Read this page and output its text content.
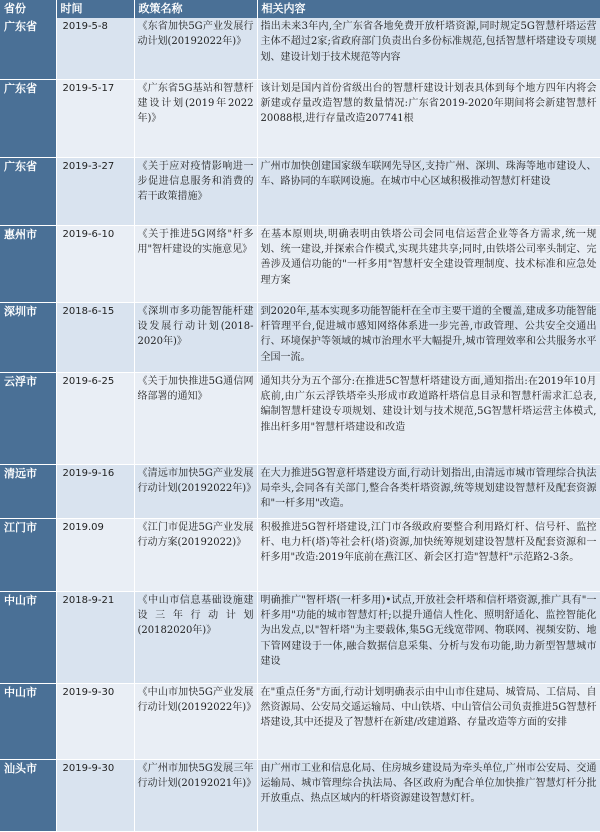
省份	时间	政策名称	相关内容
广东省	2019-5-8	《东省加快5G产业发展行动计划(20192022年)》	指出未来3年内,全广东省各地免费开放杆塔资源,同时规定5G智慧杆塔运营主体不超过2家;省政府部门负责出台多份标准规范,包括智慧杆塔建设专项规划、建设计划于技术规范等内容
广东省	2019-5-17	《广东省5G基站和智慧杆建设计划(2019年2022年)》	该计划是国内首份省级出台的智慧杆建设计划表具体到每个地方四年内将会新建或存量改造智慧的数量情况:广东省2019-2020年期间将会新建智慧杆20088根,进行存量改造207741根
广东省	2019-3-27	《关于应对疫情影响进一步促进信息服务和消费的若干政策措施》	广州市加快创建国家级车联网先导区,支持广州、深圳、珠海等地市建设人、车、路协同的车联网设施。在城市中心区域积极推动智慧灯杆建设
惠州市	2019-6-10	《关于推进5G网络"杆多用"智杆建设的实施意见》	在基本原则块,明确表明由铁塔公司会同电信运营企业等各方需求,统一规划、统一建设,并探索合作模式,实现共建共享;同时,由铁塔公司率头制定、完善涉及通信功能的"一杆多用"智慧杆安全建设管理制度、技术标准和应急处理方案
深圳市	2018-6-15	《深圳市多功能智能杆建设发展行动计划(2018-2020年)》	到2020年,基本实现多功能智能杆在全市主要干道的全覆盖,建成多功能智能杆管理平台,促进城市感知网络体系进一步完善,市政管理、公共安全交通出行、环境保护等领域的城市治理水平大幅提升,城市管理效率和公共服务水平全国一流。
云浮市	2019-6-25	《关于加快推进5G通信网络部署的通知》	通知共分为五个部分:在推进5C智慧杆塔建设方面,通知指出:在2019年10月底前,由广东云浮铁塔牵头形成市政道路杆塔信息目录和智慧杆需求汇总表,编制智慧杆建设专项规划、建设计划与技术规范,5G智慧杆塔运营主体模式,推出杆多用"智慧杆塔建设和改造
清远市	2019-9-16	《清远市加快5G产业发展行动计划(20192022年)》	在大力推进5G智意杆塔建设方面,行动计划指出,由清远市城市管理综合执法局牵头,会同各有关部门,整合各类杆塔资源,统等规划建设智慧杆及配套资源和"一杆多用"改造。
江门市	2019.09	《江门市促进5G产业发展行动方案(20192022)》	积极推进5G智杆塔建设,江门市各级政府要整合利用路灯杆、信号杆、监控杆、电力杆(塔)等社会杆(塔)资源,加快统筹规划建设智慧杆及配套资源和一杆多用"改造:2019年底前在燕江区、新会区打造"智慧杆"示范路2-3条。
中山市	2018-9-21	《中山市信息基础设施建设三年行动计划(20182020年)》	明确推广"智杆塔(一杆多用)•试点,开放社会杆塔和信杆塔资源,推广具有"一杆多用"功能的城市智慧灯杆;以提升通信人性化、照明舒适化、监控智能化为出发点,以"智杆塔"为主要载体,集5G无线宽带网、物联网、视频安防、地下管网建设于一体,融合数据信息采集、分析与发布功能,助力新型智慧城市建设
中山市	2019-9-30	《中山市加快5G产业发展行动计划(20192022年)》	在"重点任务"方面,行动计划明确表示由中山市住建局、城管局、工信局、自然资源局、公安局交遥运输局、中山铁塔、中山管信公司负责推进5G智慧杆塔建设,其中还提及了智慧杆在新建/改建道路、存量改造等方面的安排
汕头市	2019-9-30	《广州市加快5G发展三年行动计划(20192021年)》	由广州市工业和信息化局、住房城乡建设局为牵头单位,广州市公安局、交通运输局、城市管理综合执法局、各区政府为配合单位加快推广智慧灯杆分批开放重点、热点区域内的杆塔资源建设智慧灯杆。
